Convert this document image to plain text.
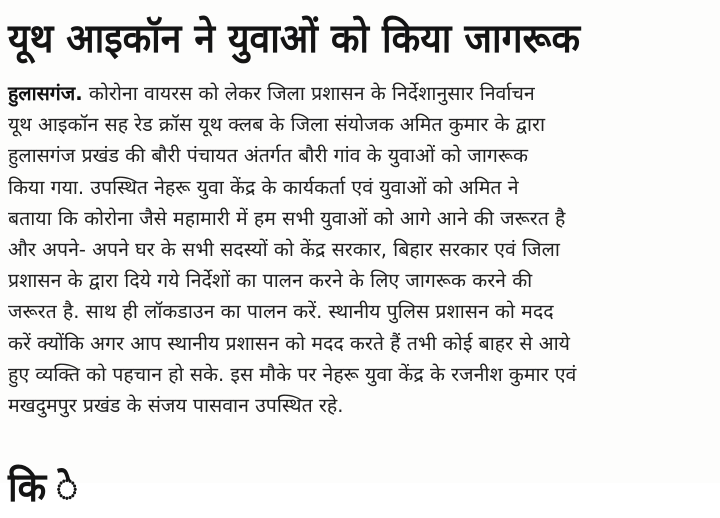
यूथ आइकॉन ने युवाओं को किया जागरूक
हुलासगंज. कोरोना वायरस को लेकर जिला प्रशासन के निर्देशानुसार निर्वाचन
यूथ आइकॉन सह रेड क्रॉस यूथ क्लब के जिला संयोजक अमित कुमार के द्वारा
हुलासगंज प्रखंड की बौरी पंचायत अंतर्गत बौरी गांव के युवाओं को जागरूक
किया गया. उपस्थित नेहरू युवा केंद्र के कार्यकर्ता एवं युवाओं को अमित ने
बताया कि कोरोना जैसे महामारी में हम सभी युवाओं को आगे आने की जरूरत है
और अपने- अपने घर के सभी सदस्यों को केंद्र सरकार, बिहार सरकार एवं जिला
प्रशासन के द्वारा दिये गये निर्देशों का पालन करने के लिए जागरूक करने की
जरूरत है. साथ ही लॉकडाउन का पालन करें. स्थानीय पुलिस प्रशासन को मदद
करें क्योंकि अगर आप स्थानीय प्रशासन को मदद करते हैं तभी कोई बाहर से आये
हुए व्यक्ति को पहचान हो सके. इस मौके पर नेहरू युवा केंद्र के रजनीश कुमार एवं
मखदुमपुर प्रखंड के संजय पासवान उपस्थित रहे.
कि े
